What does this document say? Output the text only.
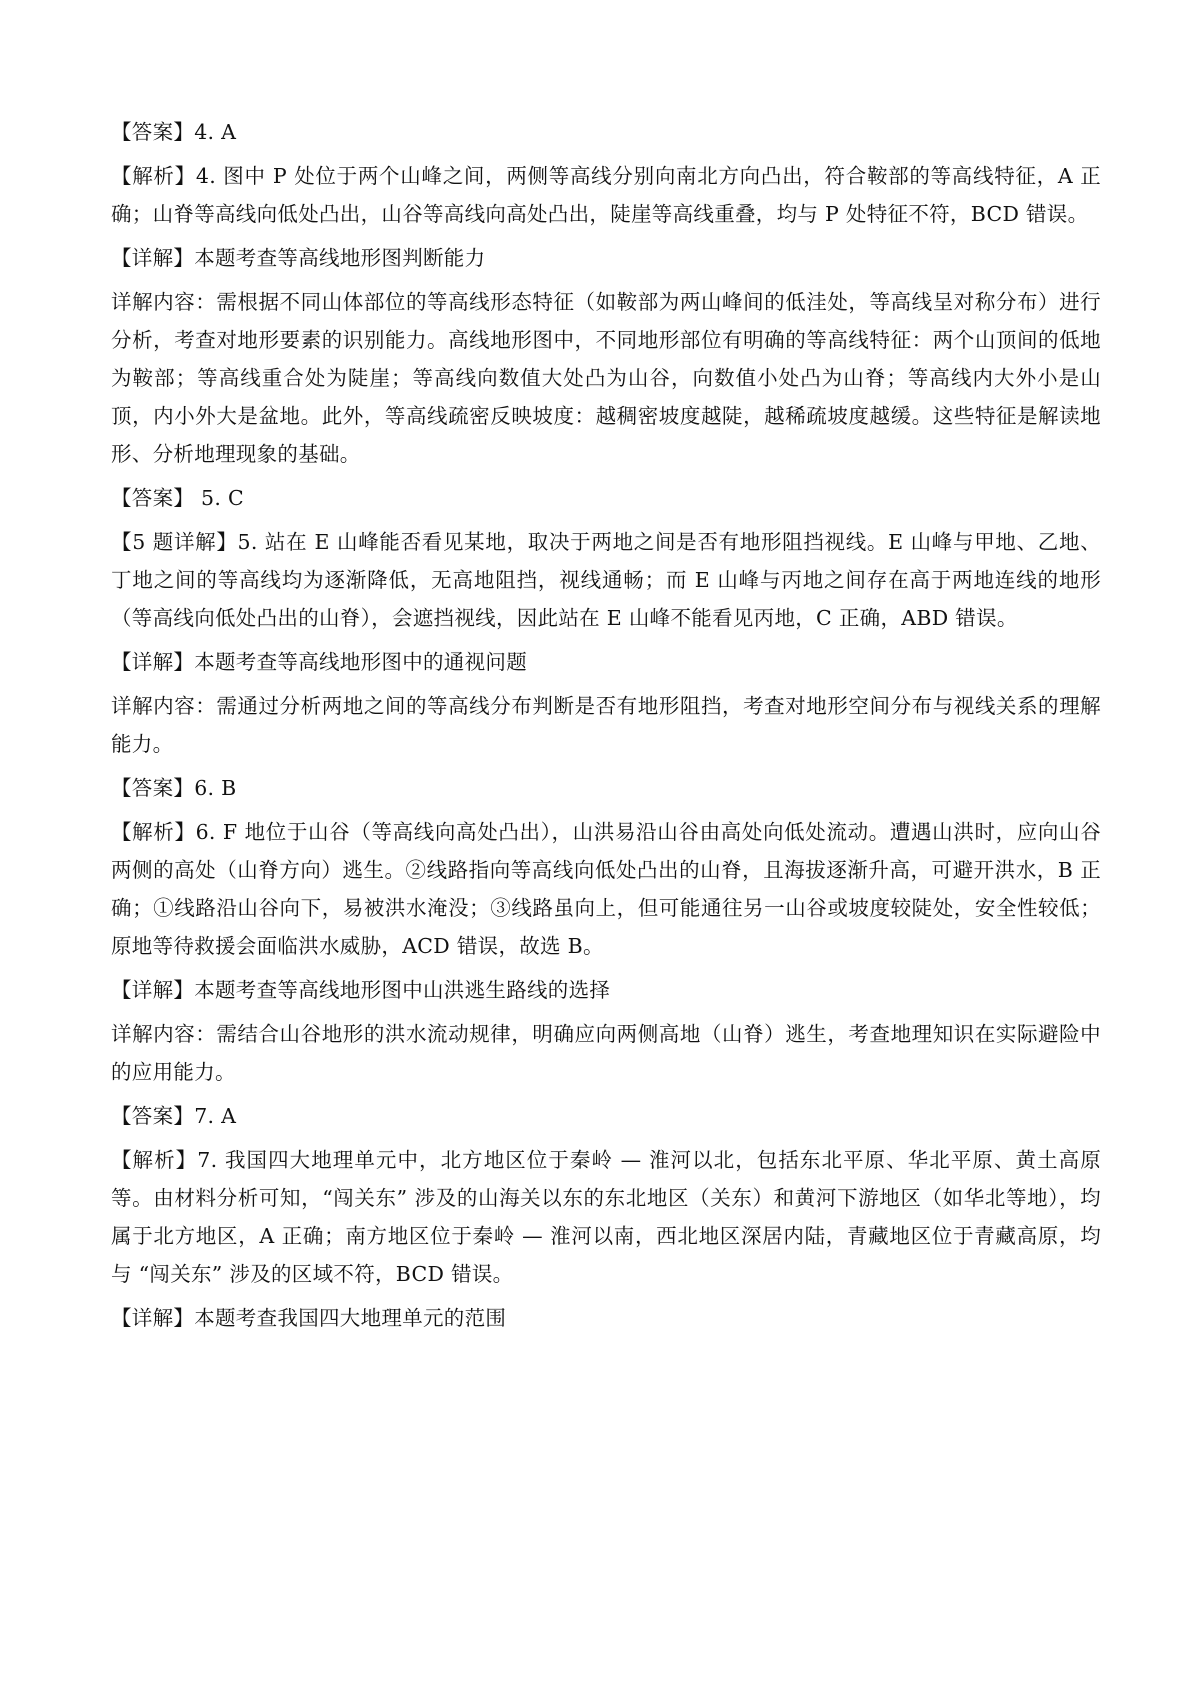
【答案】4. A

【解析】4. 图中 P 处位于两个山峰之间，两侧等高线分别向南北方向凸出，符合鞍部的等高线特征，A 正确；山脊等高线向低处凸出，山谷等高线向高处凸出，陡崖等高线重叠，均与 P 处特征不符，BCD 错误。

【详解】本题考查等高线地形图判断能力

详解内容：需根据不同山体部位的等高线形态特征（如鞍部为两山峰间的低洼处，等高线呈对称分布）进行分析，考查对地形要素的识别能力。高线地形图中，不同地形部位有明确的等高线特征：两个山顶间的低地为鞍部；等高线重合处为陡崖；等高线向数值大处凸为山谷，向数值小处凸为山脊；等高线内大外小是山顶，内小外大是盆地。此外，等高线疏密反映坡度：越稠密坡度越陡，越稀疏坡度越缓。这些特征是解读地形、分析地理现象的基础。

【答案】 5. C

【5 题详解】5. 站在 E 山峰能否看见某地，取决于两地之间是否有地形阻挡视线。E 山峰与甲地、乙地、丁地之间的等高线均为逐渐降低，无高地阻挡，视线通畅；而 E 山峰与丙地之间存在高于两地连线的地形（等高线向低处凸出的山脊），会遮挡视线，因此站在 E 山峰不能看见丙地，C 正确，ABD 错误。

【详解】本题考查等高线地形图中的通视问题

详解内容：需通过分析两地之间的等高线分布判断是否有地形阻挡，考查对地形空间分布与视线关系的理解能力。

【答案】6. B

【解析】6. F 地位于山谷（等高线向高处凸出），山洪易沿山谷由高处向低处流动。遭遇山洪时，应向山谷两侧的高处（山脊方向）逃生。②线路指向等高线向低处凸出的山脊，且海拔逐渐升高，可避开洪水，B 正确；①线路沿山谷向下，易被洪水淹没；③线路虽向上，但可能通往另一山谷或坡度较陡处，安全性较低；原地等待救援会面临洪水威胁，ACD 错误，故选 B。

【详解】本题考查等高线地形图中山洪逃生路线的选择

详解内容：需结合山谷地形的洪水流动规律，明确应向两侧高地（山脊）逃生，考查地理知识在实际避险中的应用能力。

【答案】7. A

【解析】7. 我国四大地理单元中，北方地区位于秦岭 — 淮河以北，包括东北平原、华北平原、黄土高原等。由材料分析可知，“闯关东” 涉及的山海关以东的东北地区（关东）和黄河下游地区（如华北等地），均属于北方地区，A 正确；南方地区位于秦岭 — 淮河以南，西北地区深居内陆，青藏地区位于青藏高原，均与 “闯关东” 涉及的区域不符，BCD 错误。

【详解】本题考查我国四大地理单元的范围
